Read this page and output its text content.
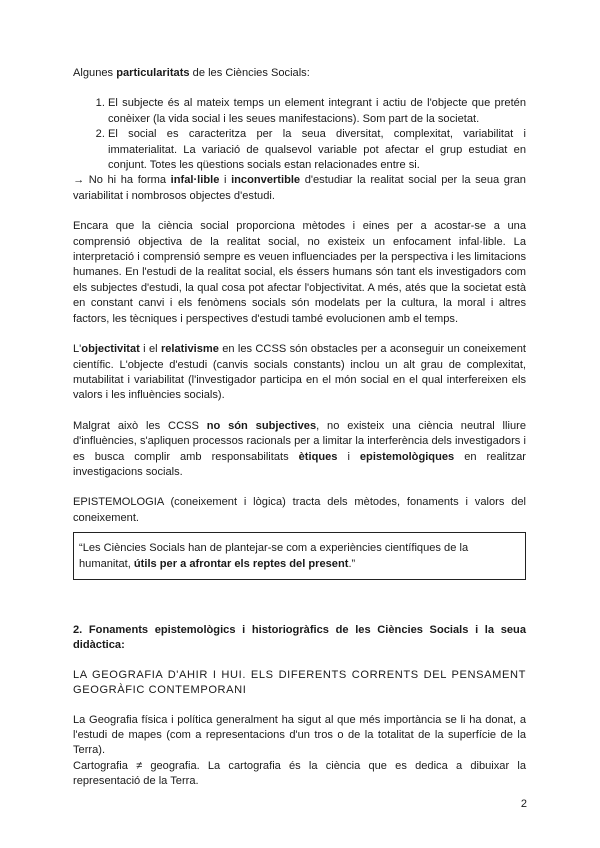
Algunes particularitats de les Ciències Socials:

1. El subjecte és al mateix temps un element integrant i actiu de l'objecte que pretén conèixer (la vida social i les seues manifestacions). Som part de la societat.
2. El social es caracteritza per la seua diversitat, complexitat, variabilitat i immaterialitat. La variació de qualsevol variable pot afectar el grup estudiat en conjunt. Totes les qüestions socials estan relacionades entre si.

→ No hi ha forma infal·lible i inconvertible d'estudiar la realitat social per la seua gran variabilitat i nombrosos objectes d'estudi.

Encara que la ciència social proporciona mètodes i eines per a acostar-se a una comprensió objectiva de la realitat social, no existeix un enfocament infal·lible. La interpretació i comprensió sempre es veuen influenciades per la perspectiva i les limitacions humanes. En l'estudi de la realitat social, els éssers humans són tant els investigadors com els subjectes d'estudi, la qual cosa pot afectar l'objectivitat. A més, atés que la societat està en constant canvi i els fenòmens socials són modelats per la cultura, la moral i altres factors, les tècniques i perspectives d'estudi també evolucionen amb el temps.

L'objectivitat i el relativisme en les CCSS són obstacles per a aconseguir un coneixement científic. L'objecte d'estudi (canvis socials constants) inclou un alt grau de complexitat, mutabilitat i variabilitat (l'investigador participa en el món social en el qual interfereixen els valors i les influències socials).

Malgrat això les CCSS no són subjectives, no existeix una ciència neutral lliure d'influències, s'apliquen processos racionals per a limitar la interferència dels investigadors i es busca complir amb responsabilitats ètiques i epistemològiques en realitzar investigacions socials.

EPISTEMOLOGIA (coneixement i lògica) tracta dels mètodes, fonaments i valors del coneixement.

“Les Ciències Socials han de plantejar-se com a experiències científiques de la humanitat, útils per a afrontar els reptes del present.”

2. Fonaments epistemològics i historiogràfics de les Ciències Socials i la seua didàctica:

LA GEOGRAFIA D'AHIR I HUI. ELS DIFERENTS CORRENTS DEL PENSAMENT GEOGRÀFIC CONTEMPORANI

La Geografia física i política generalment ha sigut al que més importància se li ha donat, a l'estudi de mapes (com a representacions d'un tros o de la totalitat de la superfície de la Terra).

Cartografia ≠ geografia. La cartografia és la ciència que es dedica a dibuixar la representació de la Terra.

2
